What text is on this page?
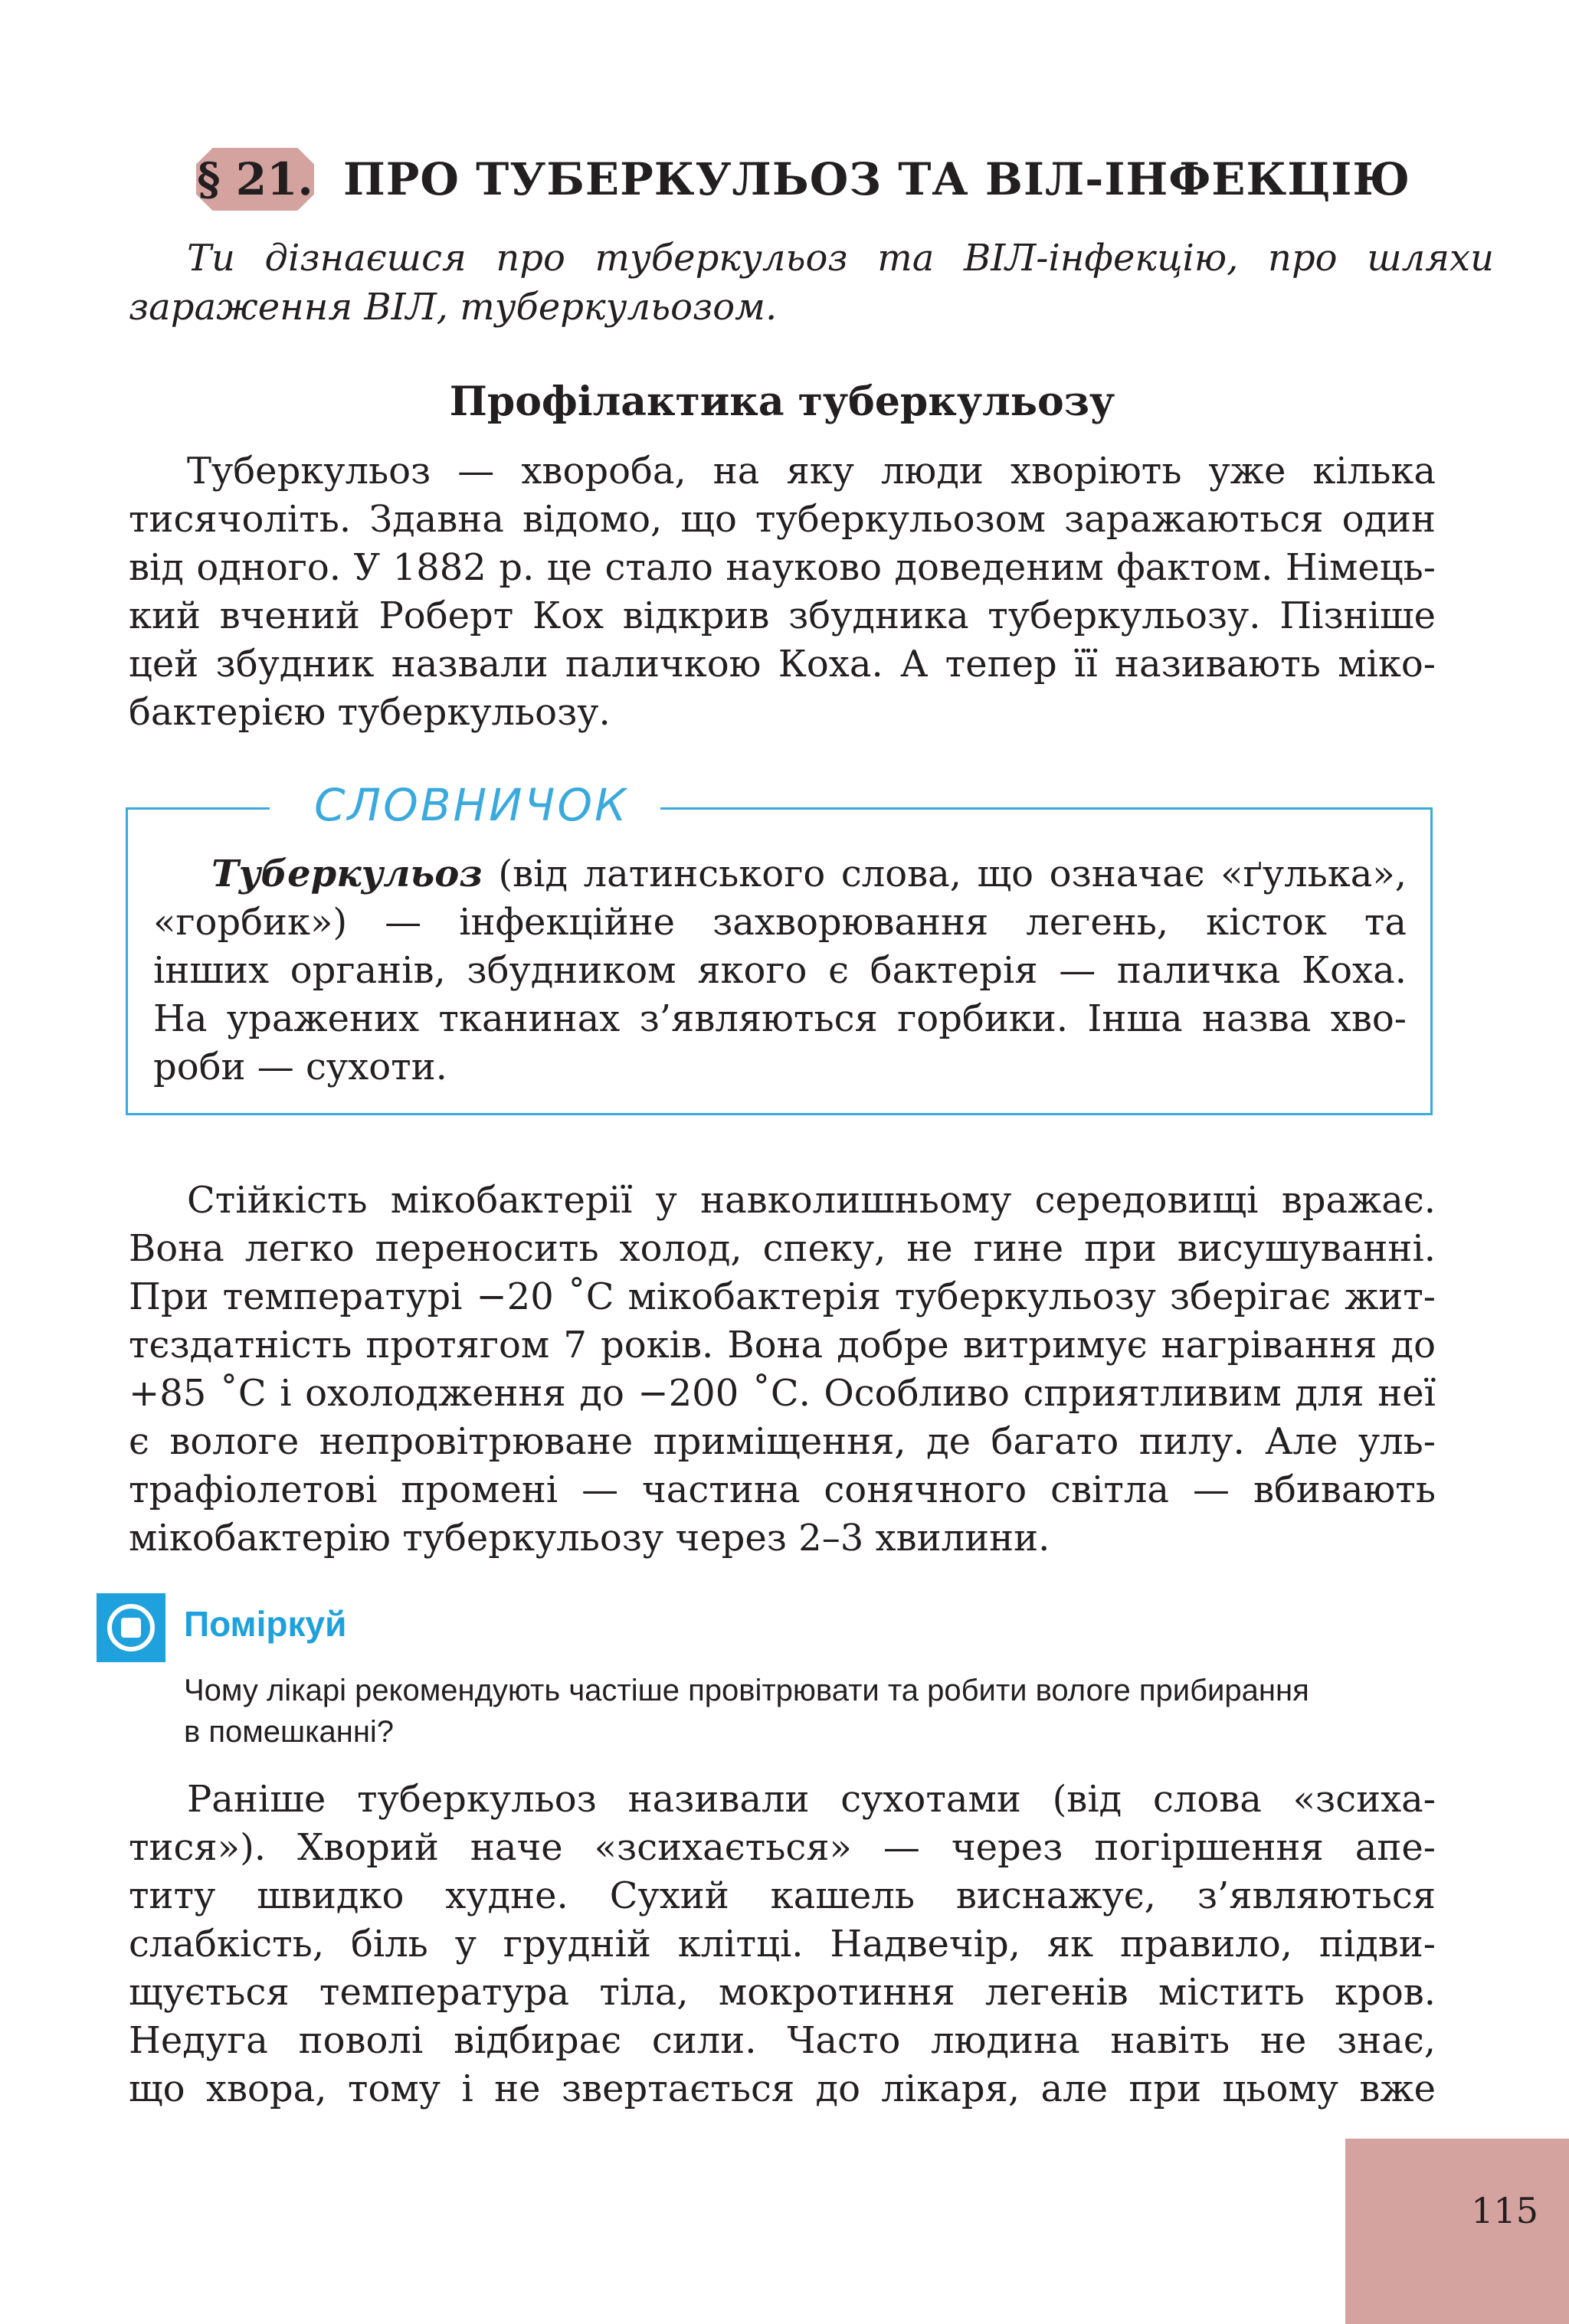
§ 21. ПРО ТУБЕРКУЛЬОЗ ТА ВІЛ-ІНФЕКЦІЮ
Ти дізнаєшся про туберкульоз та ВІЛ-інфекцію, про шляхи
зараження ВІЛ, туберкульозом.
Профілактика туберкульозу
Туберкульоз — хвороба, на яку люди хворіють уже кілька
тисячоліть. Здавна відомо, що туберкульозом заражаються один
від одного. У 1882 р. це стало науково доведеним фактом. Німець-
кий вчений Роберт Кох відкрив збудника туберкульозу. Пізніше
цей збудник назвали паличкою Коха. А тепер її називають міко-
бактерією туберкульозу.
СЛОВНИЧОК
Туберкульоз (від латинського слова, що означає «ґулька»,
«горбик») — інфекційне захворювання легень, кісток та
інших органів, збудником якого є бактерія — паличка Коха.
На уражених тканинах з’являються горбики. Інша назва хво-
роби — сухоти.
Стійкість мікобактерії у навколишньому середовищі вражає.
Вона легко переносить холод, спеку, не гине при висушуванні.
При температурі −20 ˚С мікобактерія туберкульозу зберігає жит-
тєздатність протягом 7 років. Вона добре витримує нагрівання до
+85 ˚С і охолодження до −200 ˚С. Особливо сприятливим для неї
є вологе непровітрюване приміщення, де багато пилу. Але уль-
трафіолетові промені — частина сонячного світла — вбивають
мікобактерію туберкульозу через 2–3 хвилини.
Поміркуй
Чому лікарі рекомендують частіше провітрювати та робити вологе прибирання
в помешканні?
Раніше туберкульоз називали сухотами (від слова «зсиха-
тися»). Хворий наче «зсихається» — через погіршення апе-
титу швидко худне. Сухий кашель виснажує, з’являються
слабкість, біль у грудній клітці. Надвечір, як правило, підви-
щується температура тіла, мокротиння легенів містить кров.
Недуга поволі відбирає сили. Часто людина навіть не знає,
що хвора, тому і не звертається до лікаря, але при цьому вже
115
